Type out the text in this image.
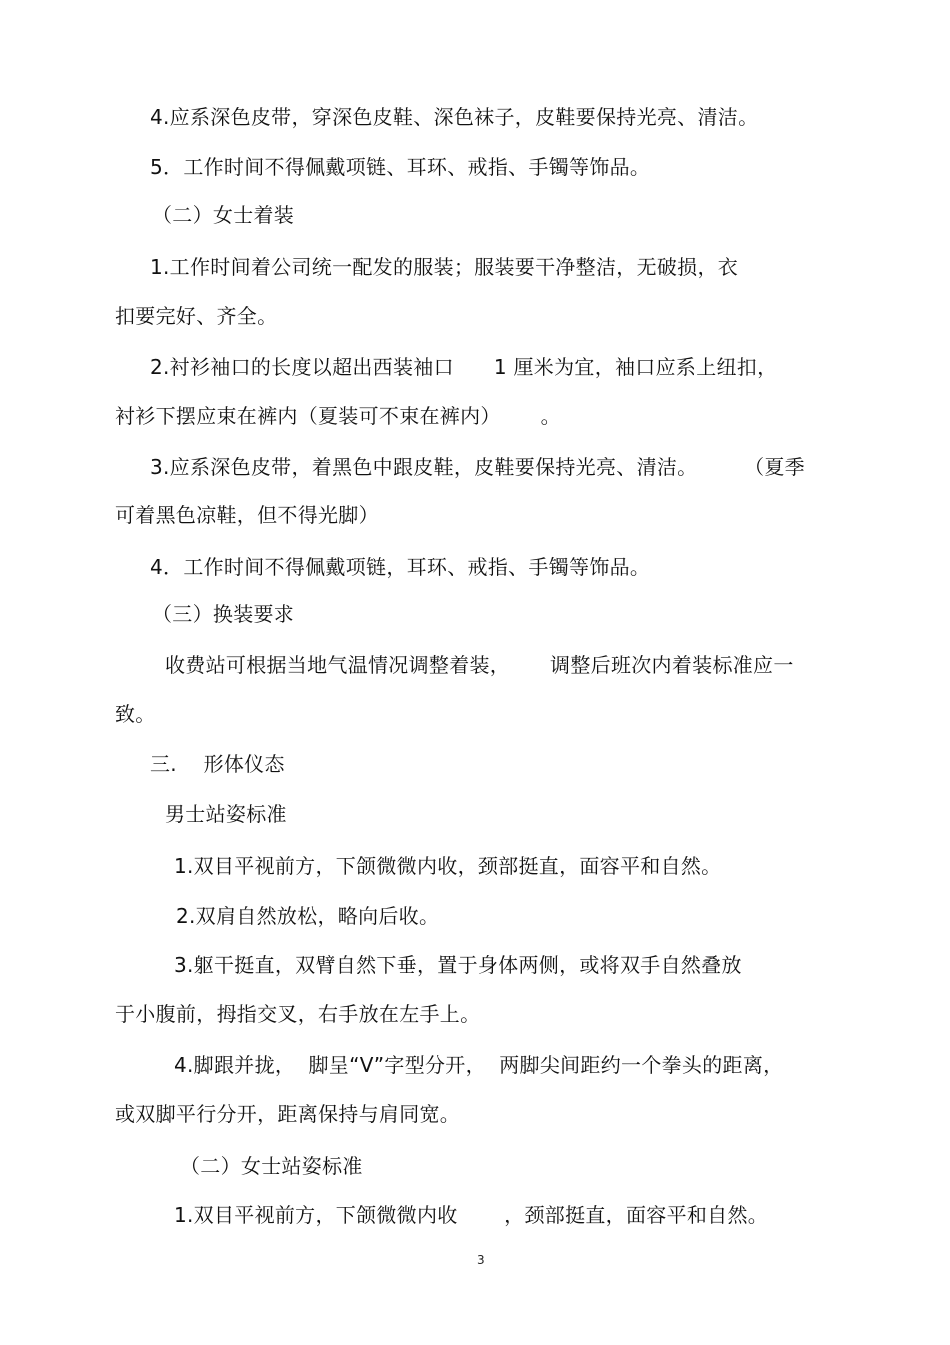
4.应系深色皮带，穿深色皮鞋、深色袜子，皮鞋要保持光亮、清洁。
5．工作时间不得佩戴项链、耳环、戒指、手镯等饰品。
（二）女士着装
1.工作时间着公司统一配发的服装；服装要干净整洁，无破损，衣
扣要完好、齐全。
2.衬衫袖口的长度以超出西装袖口      1 厘米为宜，袖口应系上纽扣，
衬衫下摆应束在裤内（夏装可不束在裤内）      。
3.应系深色皮带，着黑色中跟皮鞋，皮鞋要保持光亮、清洁。       （夏季
可着黑色凉鞋，但不得光脚）
4．工作时间不得佩戴项链，耳环、戒指、手镯等饰品。
（三）换装要求
收费站可根据当地气温情况调整着装，      调整后班次内着装标准应一
致。
三.    形体仪态
男士站姿标准
1.双目平视前方，下颌微微内收，颈部挺直，面容平和自然。
2.双肩自然放松，略向后收。
3.躯干挺直，双臂自然下垂，置于身体两侧，或将双手自然叠放
于小腹前，拇指交叉，右手放在左手上。
4.脚跟并拢，  脚呈“V”字型分开，  两脚尖间距约一个拳头的距离，
或双脚平行分开，距离保持与肩同宽。
（二）女士站姿标准
1.双目平视前方，下颌微微内收       ，颈部挺直，面容平和自然。
3
